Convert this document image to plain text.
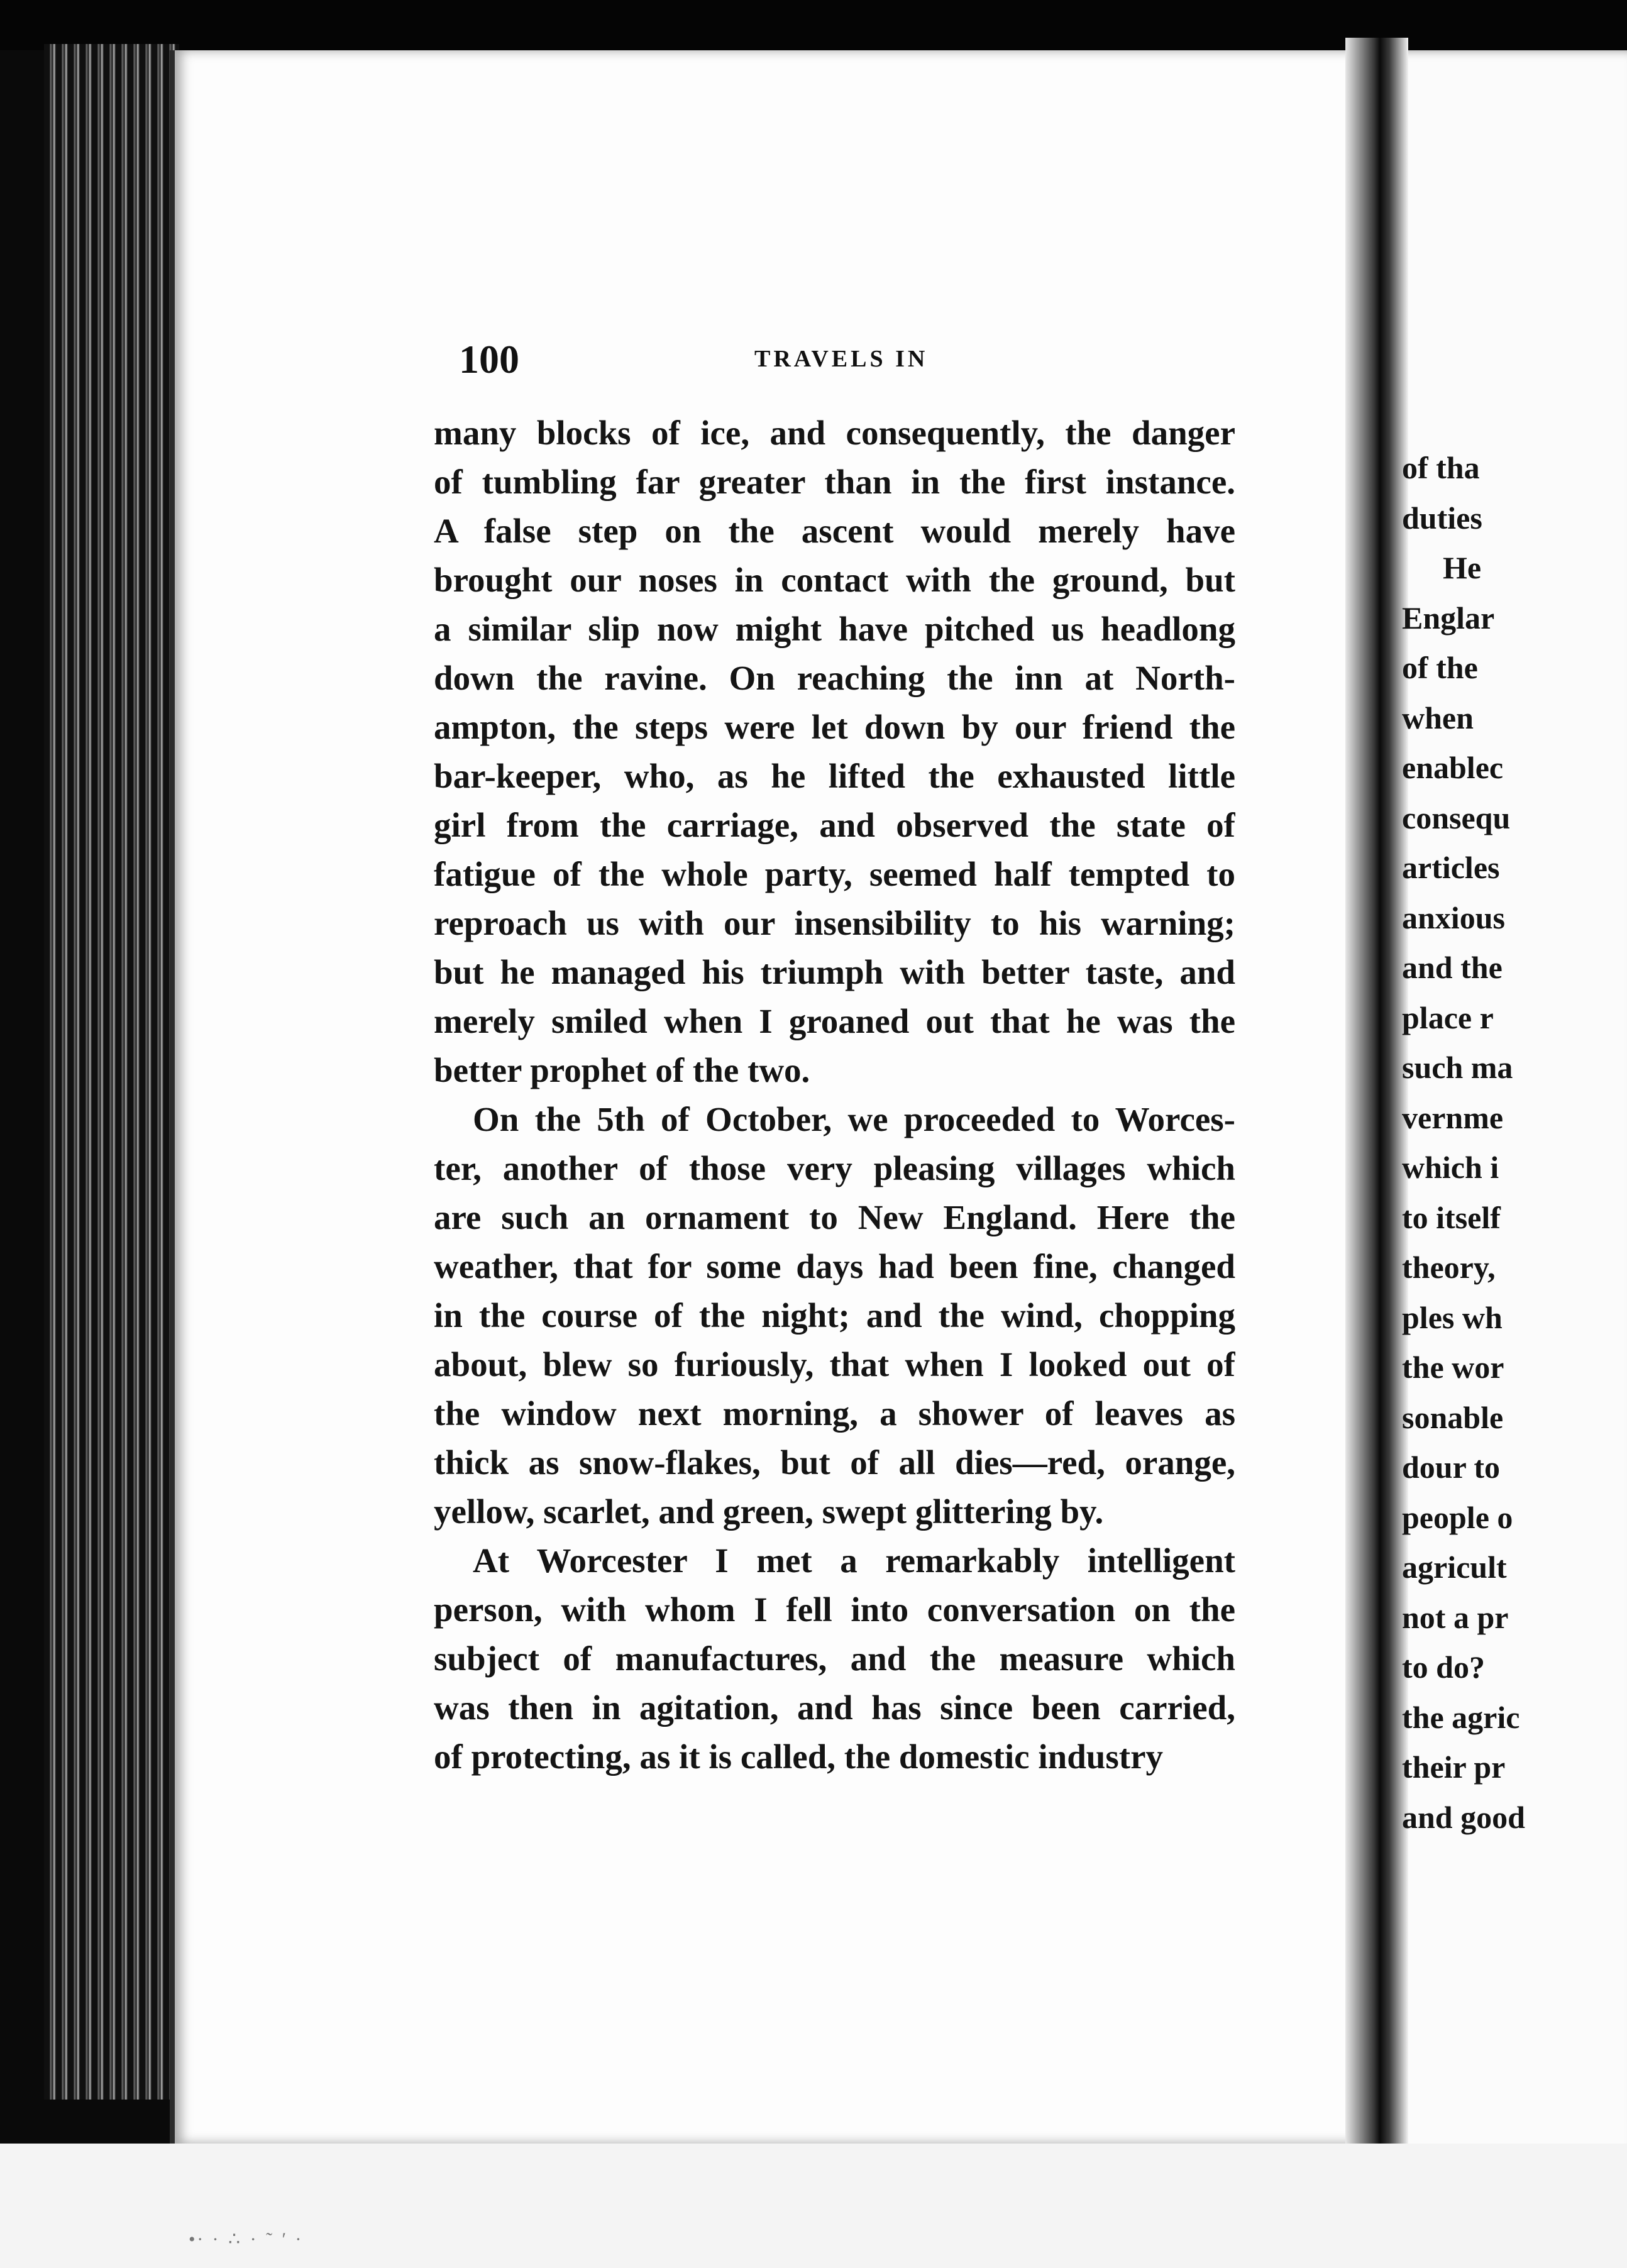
100	TRAVELS IN
many blocks of ice, and consequently, the danger
of tumbling far greater than in the first instance.
A false step on the ascent would merely have
brought our noses in contact with the ground, but
a similar slip now might have pitched us headlong
down the ravine. On reaching the inn at North-
ampton, the steps were let down by our friend the
bar-keeper, who, as he lifted the exhausted little
girl from the carriage, and observed the state of
fatigue of the whole party, seemed half tempted to
reproach us with our insensibility to his warning;
but he managed his triumph with better taste, and
merely smiled when I groaned out that he was the
better prophet of the two.
On the 5th of October, we proceeded to Worces-
ter, another of those very pleasing villages which
are such an ornament to New England. Here the
weather, that for some days had been fine, changed
in the course of the night; and the wind, chopping
about, blew so furiously, that when I looked out of
the window next morning, a shower of leaves as
thick as snow-flakes, but of all dies—red, orange,
yellow, scarlet, and green, swept glittering by.
At Worcester I met a remarkably intelligent
person, with whom I fell into conversation on the
subject of manufactures, and the measure which
was then in agitation, and has since been carried,
of protecting, as it is called, the domestic industry
of tha
duties
He
Englar
of the
when
enablec
consequ
articles
anxious
and the
place r
such ma
vernme
which i
to itself
theory,
ples wh
the wor
sonable
dour to
people o
agricult
not a pr
to do?
the agric
their pr
and good
•∙ · ∴ · ˜ ′ ∙
